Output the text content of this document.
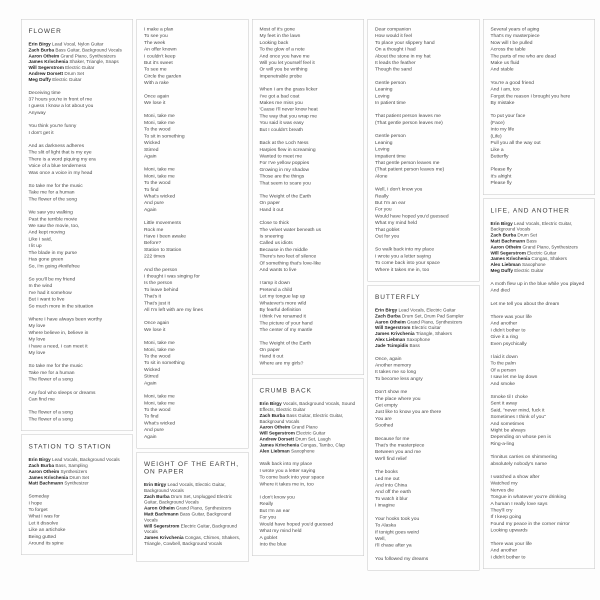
FLOWER
Erin Birgy Lead Vocal, Nylon Guitar
Zach Burba Bass Guitar, Background Vocals
Aaron Otheim Grand Piano, Synthesizers
James Krivchenia Shaker, Triangle, Snaps
Will Segerstrom Electric Guitar
Andrew Dorsett Drum Set
Meg Duffy Electric Guitar
Deceiving time
37 hours you're in front of me
I guess I know a lot about you
Anyway
You think you're funny
I don't get it
And as darkness adheres
The slit of light that is my eye
There is a word piquing my era
Voice of a blue tenderness
Was once a voice in my head
So take me for the music
Take me for a human
The flower of the song
We saw you walking
Past the terrible movie
We saw the movie, too,
And kept moving
Like I said,
I lit up
The blade in my purse
Has gone green
So, I'm going #knifefree
So you'll be my friend
In the wind
I've had it somehow
But I want to live
So much more in the situation
Where I have always been worthy
My love
Where believe in, believe in
My love
I have a need, I can meet it
My love
So take me for the music
Take me for a human
The flower of a song
Any fool who sleeps or dreams
Can find me
The flower of a song
The flower of a song
STATION TO STATION
Erin Birgy Lead Vocals, Background Vocals
Zach Burba Bass, Sampling
Aaron Otheim Synthesizers
James Krivchenia Drum Set
Matt Bachmann Synthesizer
Someday
I hope
To forget
What I was for
Let it dissolve
Like an artichoke
Being gutted
Around its spine
I make a plan
To see you
The week
An offer known
I couldn't keep
But it's sweet
To see me
Circle the garden
With a rake
Once again
We lose it
Moni, take me
Moni, take me
To the wood
To sit in something
Wicked
Stirred
Again
Moni, take me
Moni, take me
To the wood
To find
What's wicked
And pure
Again
Little movements
Rock me
Have I been awake
Before?
Station to Station
222 times
And the person
I thought I was singing for
Is the person
To leave behind
That's it
That's just it
All I'm left with are my lines
Once again
We lose it
Moni, take me
Moni, take me
To the wood
To sit in something
Wicked
Stirred
Again
Moni, take me
Moni, take me
To the wood
To find
What's wicked
And pure
Again
WEIGHT OF THE EARTH, ON PAPER
Erin Birgy Lead Vocals, Electric Guitar, Background Vocals
Zach Burba Drum Set, Unplugged Electric Guitar, Background Vocals
Aaron Otheim Grand Piano, Synthesizers
Matt Bachmann Bass Guitar, Background Vocals
Will Segerstrom Electric Guitar, Background Vocals
James Krivchenia Congas, Chimes, Shakers, Triangle, Cowbell, Background Vocals
Most of it's gone
My feet in the lawn
Looking back
To the glow of a note
And once you have me
Will you let yourself feel it
Or will you be writhing
Impenetrable probe
When I am the grass licker
I've got a bad coat
Makes me miss you
'Cause I'll never know heat
The way that you wrap me
You said it was easy
But I couldn't breath
Back at the Loch Ness
Harpies flew in screaming
Wanted to meet me
For I've yellow poppies
Growing in my shadow
Those are the things
That seem to scare you
The Weight of the Earth
On paper
Hand it out
Close to thick
The velvet water beneath us
Is sneering
Called us idiots
Because in the middle
There's two feet of silence
Of something that's love-like
And wants to live
I tamp it down
Pretend a child
Let my tongue lap up
Whatever's more wild
By fearful definition
I think I've renamed it
The picture of your hand
The center of my mantle
The Weight of the Earth
On paper
Hand it out
Where are my girls?
CRUMB BACK
Erin Birgy Vocals, Background Vocals, Sound Effects, Electric Guitar
Zach Burba Bass Guitar, Electric Guitar, Background Vocals
Aaron Otheim Grand Piano
Will Segerstrom Electric Guitar
Andrew Dorsett Drum Set, Laugh
James Krivchenia Congas, Tambo, Clap
Alex Liebman Saxophone
Walk back into my place
I wrote you a letter saying
To come back into your space
Where it takes me in, too
I don't know you
Really
But I'm an ear
For you
Would have hoped you'd guessed
What my mind held
A goblet
Into the blue
Dear companion
How would it feel
To place your slippery hand
On a thought I had
About the stone in my hat
It leads the feather
Though the sand
Gentle person
Leaning
Loving
In patient time
That patient person leaves me
(That gentle person leaves me)
Gentle person
Leaning
Loving
Impatient time
That gentle person leaves me
(That patient person leaves me)
Alone
Well, I don't know you
Really
But I'm an ear
For you
Would have hoped you'd guessed
What my mind held
That goblet
Out for you
So walk back into my place
I wrote you a letter saying
To come back into your space
Where it takes me in, too
BUTTERFLY
Erin Birgy Lead Vocals, Electric Guitar
Zach Burba Drum Set, Drum Pad Sampler
Aaron Otheim Grand Piano, Synthesizers
Will Segerstrom Electric Guitar
James Krivchenia Triangle, Shakers
Alex Liebman Saxophone
Jade Tcimpidis Bass
Once, again
Another memory
It takes me so long
To become less angry
Don't show me
The place where you
Get empty
Just like to know you are there
You are
Soothed
Because for me
That's the masterpiece
Between you and me
We'll find relief
The books
Led me out
And into China
And off the earth
To watch it blur
I imagine
Your hooks took you
To Alaska
If tonight goes weird
Well,
I'll chase after ya
You followed my dreams
Several years of aging
That's my masterpiece
Now will I be pulled
Across the table
The parts of me who are dead
Make us fluid
And stable
You're a good friend
And I am, too
Forgot the reason I brought you here
By mistake
To put your face
(Face)
Into my life
(Life)
Pull you all the way out
Like a
Butterfly
Please fly
It's alright
Please fly
LIFE, AND ANOTHER
Erin Birgy Lead Vocals, Electric Guitar, Background Vocals
Zach Burba Drum Set
Matt Bachmann Bass
Aaron Otheim Grand Piano, Synthesizers
Will Segerstrom Electric Guitar
James Krivchenia Congas, Shakers
Alex Liebman Saxophone
Meg Duffy Electric Guitar
A moth flew up in the blue while you played
And died
Let me tell you about the dream
There was your life
And another
I didn't bother to
Give it a ring
Even psychically
I laid it down
To the palm
Of a person
I saw let me lay down
And smoke
Smoke til I choke
Sent it away
Said, "never mind, fuck it
Sometimes I think of you"
And sometimes
Might be always
Depending on whose pen is
Ring-a-ling
Tinnitus carries on shimmering
absolutely nobody's name
I watched a show after
Watched my
Nerves die
Tongue in whatever you're drinking
A human I really love says
They'll cry
If I keep going
Found my peace in the corner mirror
Looking upwards
There was your life
And another
I didn't bother to
